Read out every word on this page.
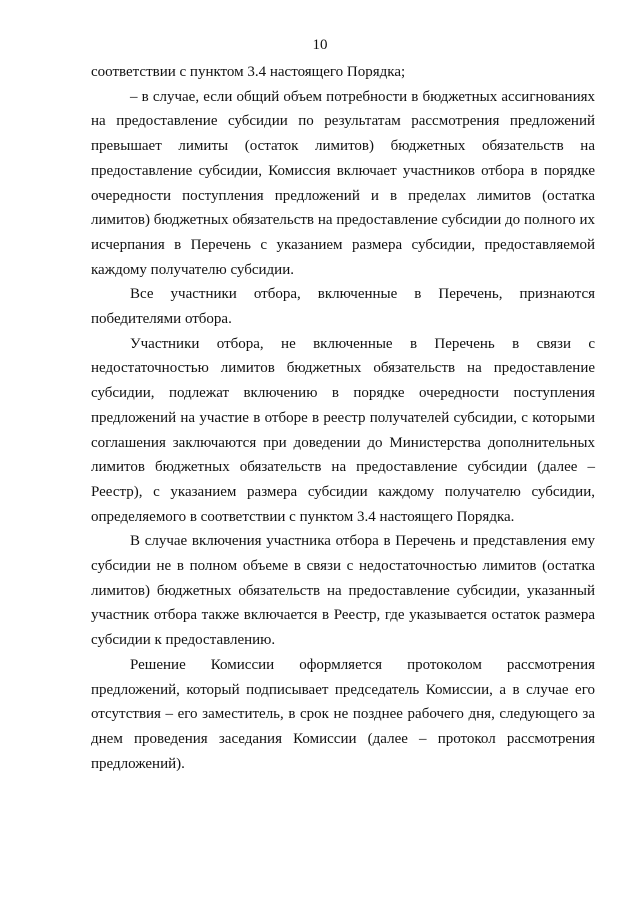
10

соответствии с пунктом 3.4 настоящего Порядка;

– в случае, если общий объем потребности в бюджетных ассигнованиях на предоставление субсидии по результатам рассмотрения предложений превышает лимиты (остаток лимитов) бюджетных обязательств на предоставление субсидии, Комиссия включает участников отбора в порядке очередности поступления предложений и в пределах лимитов (остатка лимитов) бюджетных обязательств на предоставление субсидии до полного их исчерпания в Перечень с указанием размера субсидии, предоставляемой каждому получателю субсидии.

Все участники отбора, включенные в Перечень, признаются победителями отбора.

Участники отбора, не включенные в Перечень в связи с недостаточностью лимитов бюджетных обязательств на предоставление субсидии, подлежат включению в порядке очередности поступления предложений на участие в отборе в реестр получателей субсидии, с которыми соглашения заключаются при доведении до Министерства дополнительных лимитов бюджетных обязательств на предоставление субсидии (далее – Реестр), с указанием размера субсидии каждому получателю субсидии, определяемого в соответствии с пунктом 3.4 настоящего Порядка.

В случае включения участника отбора в Перечень и представления ему субсидии не в полном объеме в связи с недостаточностью лимитов (остатка лимитов) бюджетных обязательств на предоставление субсидии, указанный участник отбора также включается в Реестр, где указывается остаток размера субсидии к предоставлению.

Решение Комиссии оформляется протоколом рассмотрения предложений, который подписывает председатель Комиссии, а в случае его отсутствия – его заместитель, в срок не позднее рабочего дня, следующего за днем проведения заседания Комиссии (далее – протокол рассмотрения предложений).
